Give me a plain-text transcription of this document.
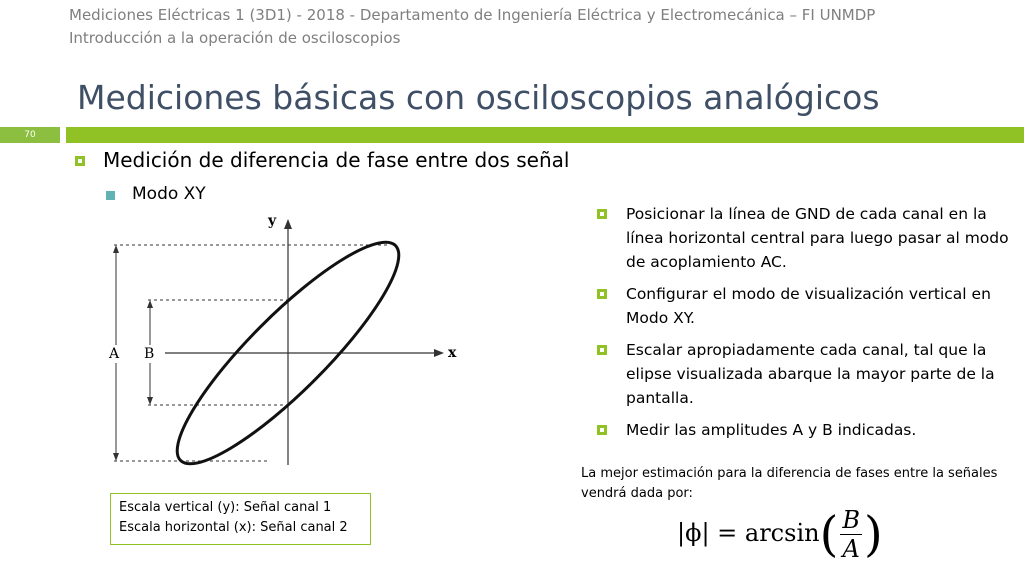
Mediciones Eléctricas 1 (3D1) - 2018 - Departamento de Ingeniería Eléctrica y Electromecánica – FI UNMDP
Introducción a la operación de osciloscopios
Mediciones básicas con osciloscopios analógicos
70
Medición de diferencia de fase entre dos señal
Modo XY
y
x
A B
Posicionar la línea de GND de cada canal en la línea horizontal central para luego pasar al modo de acoplamiento AC.
Configurar el modo de visualización vertical en Modo XY.
Escalar apropiadamente cada canal, tal que la elipse visualizada abarque la mayor parte de la pantalla.
Medir las amplitudes A y B indicadas.
La mejor estimación para la diferencia de fases entre la señales vendrá dada por:
Escala vertical (y): Señal canal 1
Escala horizontal (x): Señal canal 2	$|\phi| = \arcsin( \frac{B}{A}$ )
